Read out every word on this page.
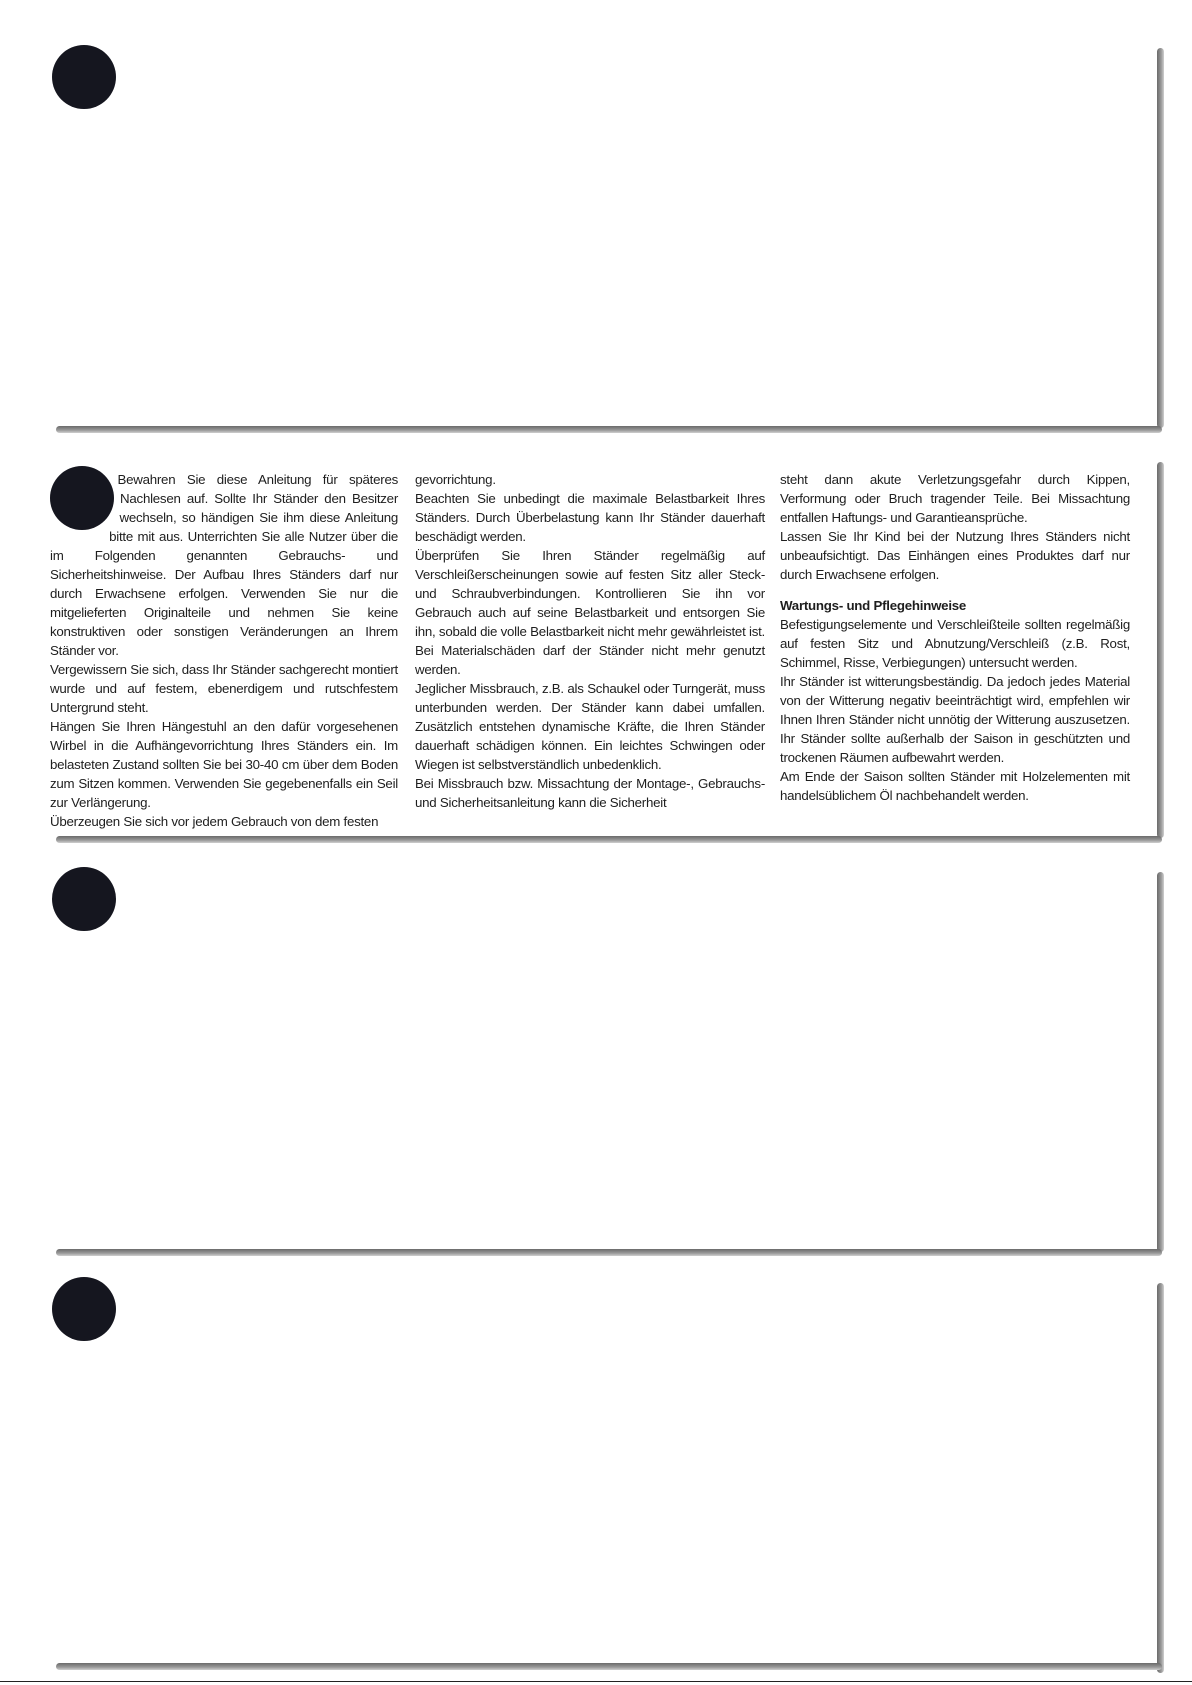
Bewahren Sie diese Anleitung für späteres Nachlesen auf. Sollte Ihr Ständer den Besitzer wechseln, so händigen Sie ihm diese Anleitung bitte mit aus. Unterrichten Sie alle Nutzer über die im Folgenden genannten Gebrauchs- und Sicherheitshinweise. Der Aufbau Ihres Ständers darf nur durch Erwachsene erfolgen. Verwenden Sie nur die mitgelieferten Originalteile und nehmen Sie keine konstruktiven oder sonstigen Veränderungen an Ihrem Ständer vor.

Vergewissern Sie sich, dass Ihr Ständer sachgerecht montiert wurde und auf festem, ebenerdigem und rutschfestem Untergrund steht.

Hängen Sie Ihren Hängestuhl an den dafür vorgesehenen Wirbel in die Aufhängevorrichtung Ihres Ständers ein. Im belasteten Zustand sollten Sie bei 30-40 cm über dem Boden zum Sitzen kommen. Verwenden Sie gegebenenfalls ein Seil zur Verlängerung.

Überzeugen Sie sich vor jedem Gebrauch von dem festen

gevorrichtung.

Beachten Sie unbedingt die maximale Belastbarkeit Ihres Ständers. Durch Überbelastung kann Ihr Ständer dauerhaft beschädigt werden.

Überprüfen Sie Ihren Ständer regelmäßig auf Verschleißerscheinungen sowie auf festen Sitz aller Steck- und Schraubverbindungen. Kontrollieren Sie ihn vor Gebrauch auch auf seine Belastbarkeit und entsorgen Sie ihn, sobald die volle Belastbarkeit nicht mehr gewährleistet ist. Bei Materialschäden darf der Ständer nicht mehr genutzt werden.

Jeglicher Missbrauch, z.B. als Schaukel oder Turngerät, muss unterbunden werden. Der Ständer kann dabei umfallen. Zusätzlich entstehen dynamische Kräfte, die Ihren Ständer dauerhaft schädigen können. Ein leichtes Schwingen oder Wiegen ist selbstverständlich unbedenklich.

Bei Missbrauch bzw. Missachtung der Montage-, Gebrauchs- und Sicherheitsanleitung kann die Sicherheit

steht dann akute Verletzungsgefahr durch Kippen, Verformung oder Bruch tragender Teile. Bei Missachtung entfallen Haftungs- und Garantieansprüche.

Lassen Sie Ihr Kind bei der Nutzung Ihres Ständers nicht unbeaufsichtigt. Das Einhängen eines Produktes darf nur durch Erwachsene erfolgen.

Wartungs- und Pflegehinweise

Befestigungselemente und Verschleißteile sollten regelmäßig auf festen Sitz und Abnutzung/Verschleiß (z.B. Rost, Schimmel, Risse, Verbiegungen) untersucht werden.

Ihr Ständer ist witterungsbeständig. Da jedoch jedes Material von der Witterung negativ beeinträchtigt wird, empfehlen wir Ihnen Ihren Ständer nicht unnötig der Witterung auszusetzen. Ihr Ständer sollte außerhalb der Saison in geschützten und trockenen Räumen aufbewahrt werden.

Am Ende der Saison sollten Ständer mit Holzelementen mit handelsüblichem Öl nachbehandelt werden.
